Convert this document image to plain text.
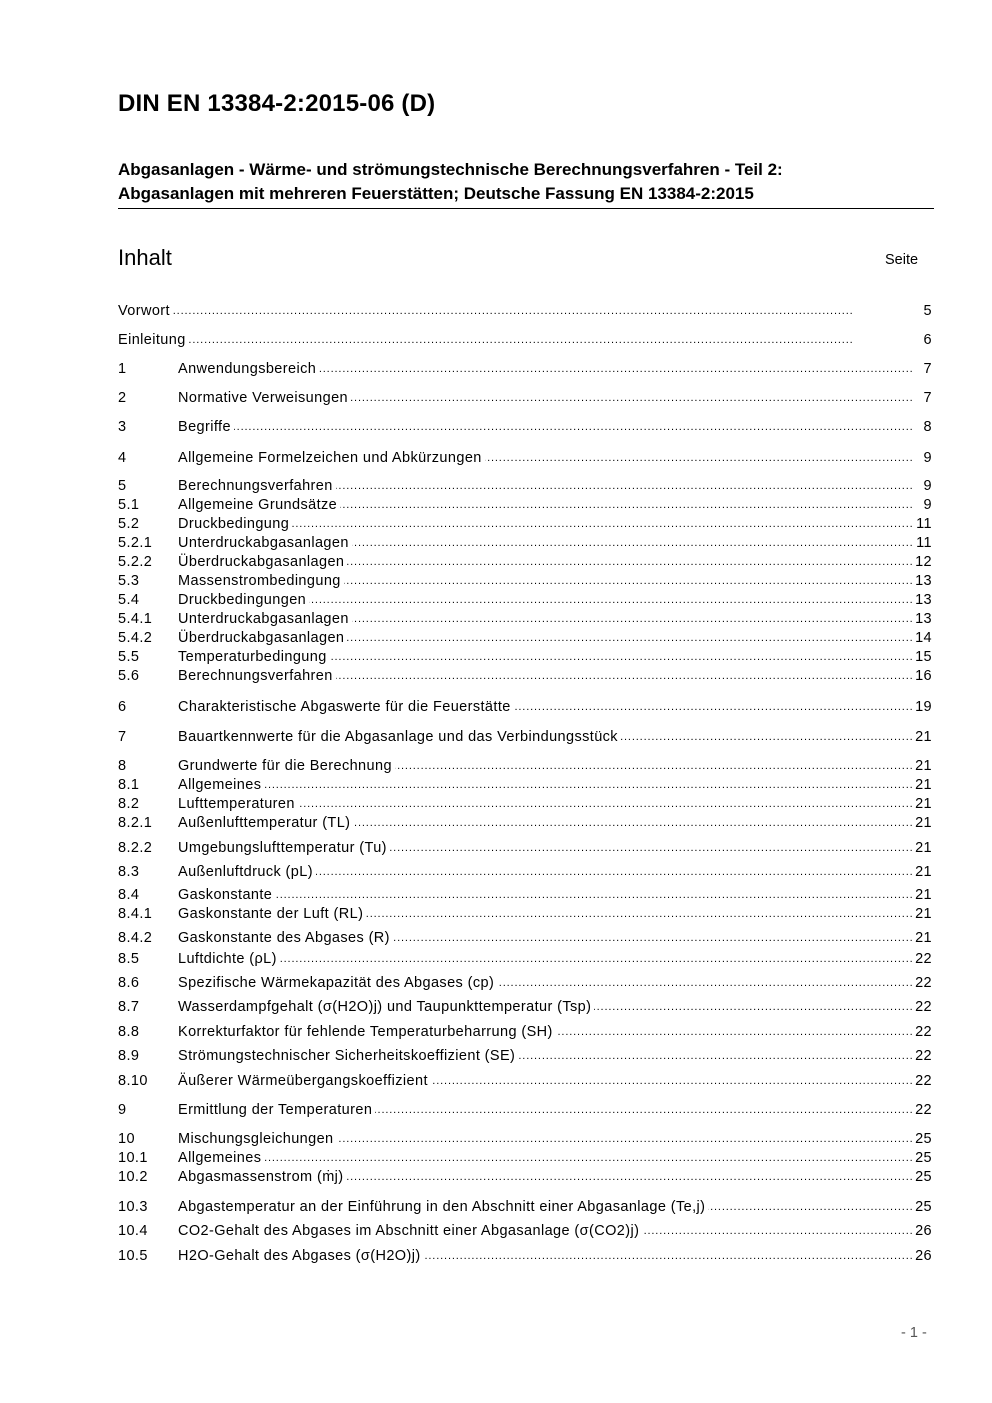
DIN EN 13384-2:2015-06 (D)
Abgasanlagen - Wärme- und strömungstechnische Berechnungsverfahren - Teil 2:
Abgasanlagen mit mehreren Feuerstätten; Deutsche Fassung EN 13384-2:2015
Inhalt	Seite
Vorwort . . .	5
Einleitung . . .	6
1	Anwendungsbereich . . .	7
2	Normative Verweisungen . . .	7
3	Begriffe . . .	8
4	Allgemeine Formelzeichen und Abkürzungen . . .	9
5	Berechnungsverfahren . . .	9
5.1	Allgemeine Grundsätze . . .	9
5.2	Druckbedingung . . .	11
5.2.1	Unterdruckabgasanlagen . . .	11
5.2.2	Überdruckabgasanlagen . . .	12
5.3	Massenstrombedingung . . .	13
5.4	Druckbedingungen . . .	13
5.4.1	Unterdruckabgasanlagen . . .	13
5.4.2	Überdruckabgasanlagen . . .	14
5.5	Temperaturbedingung . . .	15
5.6	Berechnungsverfahren . . .	16
6	Charakteristische Abgaswerte für die Feuerstätte . . .	19
7	Bauartkennwerte für die Abgasanlage und das Verbindungsstück . . .	21
8	Grundwerte für die Berechnung . . .	21
8.1	Allgemeines . . .	21
8.2	Lufttemperaturen . . .	21
8.2.1	Außenlufttemperatur (TL) . . .	21
8.2.2	Umgebungslufttemperatur (Tu) . . .	21
8.3	Außenluftdruck (pL) . . .	21
8.4	Gaskonstante . . .	21
8.4.1	Gaskonstante der Luft (RL) . . .	21
8.4.2	Gaskonstante des Abgases (R) . . .	21
8.5	Luftdichte (ρL) . . .	22
8.6	Spezifische Wärmekapazität des Abgases (cp) . . .	22
8.7	Wasserdampfgehalt (σ(H2O)j) und Taupunkttemperatur (Tsp) . . .	22
8.8	Korrekturfaktor für fehlende Temperaturbeharrung (SH) . . .	22
8.9	Strömungstechnischer Sicherheitskoeffizient (SE) . . .	22
8.10	Äußerer Wärmeübergangskoeffizient . . .	22
9	Ermittlung der Temperaturen . . .	22
10	Mischungsgleichungen . . .	25
10.1	Allgemeines . . .	25
10.2	Abgasmassenstrom (ṁj) . . .	25
10.3	Abgastemperatur an der Einführung in den Abschnitt einer Abgasanlage (Te,j) . . .	25
10.4	CO2-Gehalt des Abgases im Abschnitt einer Abgasanlage (σ(CO2)j) . . .	26
10.5	H2O-Gehalt des Abgases (σ(H2O)j) . . .	26
- 1 -
